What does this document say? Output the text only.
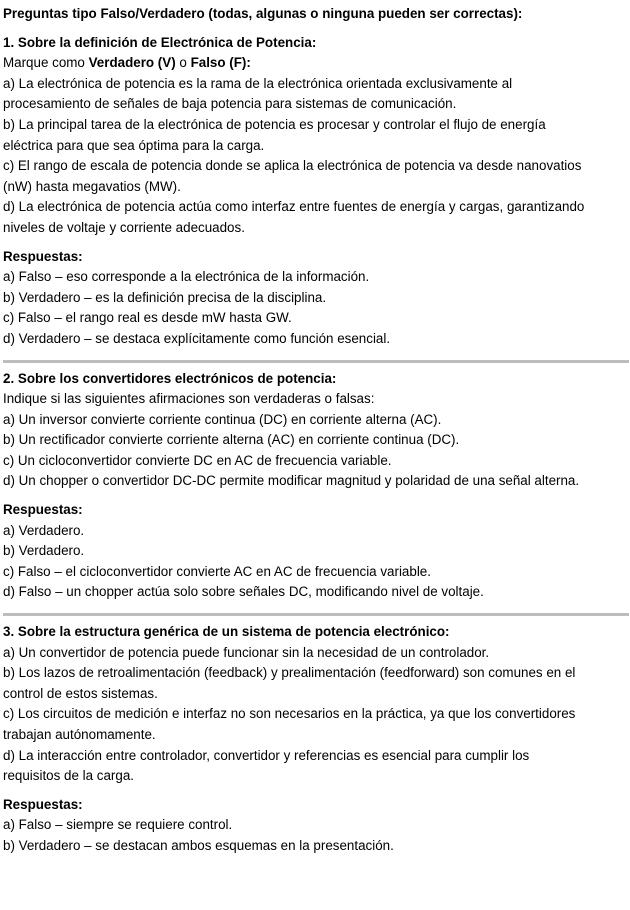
Preguntas tipo Falso/Verdadero (todas, algunas o ninguna pueden ser correctas):
1. Sobre la definición de Electrónica de Potencia:
Marque como Verdadero (V) o Falso (F):
a) La electrónica de potencia es la rama de la electrónica orientada exclusivamente al
procesamiento de señales de baja potencia para sistemas de comunicación.
b) La principal tarea de la electrónica de potencia es procesar y controlar el flujo de energía
eléctrica para que sea óptima para la carga.
c) El rango de escala de potencia donde se aplica la electrónica de potencia va desde nanovatios
(nW) hasta megavatios (MW).
d) La electrónica de potencia actúa como interfaz entre fuentes de energía y cargas, garantizando
niveles de voltaje y corriente adecuados.
Respuestas:
a) Falso – eso corresponde a la electrónica de la información.
b) Verdadero – es la definición precisa de la disciplina.
c) Falso – el rango real es desde mW hasta GW.
d) Verdadero – se destaca explícitamente como función esencial.
2. Sobre los convertidores electrónicos de potencia:
Indique si las siguientes afirmaciones son verdaderas o falsas:
a) Un inversor convierte corriente continua (DC) en corriente alterna (AC).
b) Un rectificador convierte corriente alterna (AC) en corriente continua (DC).
c) Un cicloconvertidor convierte DC en AC de frecuencia variable.
d) Un chopper o convertidor DC-DC permite modificar magnitud y polaridad de una señal alterna.
Respuestas:
a) Verdadero.
b) Verdadero.
c) Falso – el cicloconvertidor convierte AC en AC de frecuencia variable.
d) Falso – un chopper actúa solo sobre señales DC, modificando nivel de voltaje.
3. Sobre la estructura genérica de un sistema de potencia electrónico:
a) Un convertidor de potencia puede funcionar sin la necesidad de un controlador.
b) Los lazos de retroalimentación (feedback) y prealimentación (feedforward) son comunes en el
control de estos sistemas.
c) Los circuitos de medición e interfaz no son necesarios en la práctica, ya que los convertidores
trabajan autónomamente.
d) La interacción entre controlador, convertidor y referencias es esencial para cumplir los
requisitos de la carga.
Respuestas:
a) Falso – siempre se requiere control.
b) Verdadero – se destacan ambos esquemas en la presentación.
